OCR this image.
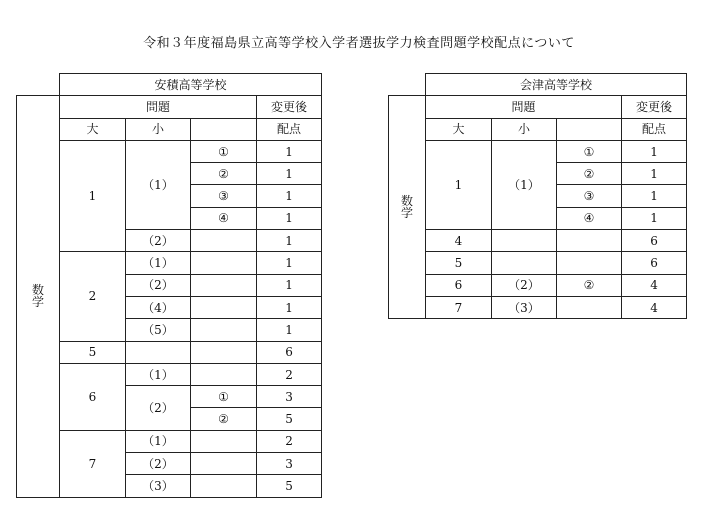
令和３年度福島県立高等学校入学者選抜学力検査問題学校配点について
	安積高等学校			

数
学	問題			変更後
	大	小		配点
	1	（1）	①	1
			②	1
			③	1
			④	1
		（2）		1
	2	（1）		1
		（2）		1
		（4）		1
		（5）		1
	5			6
	6	（1）		2
		（2）	①	3
			②	5
	7	（1）		2
		（2）		3
		（3）		5
	会津高等学校			

数
学	問題			変更後
	大	小		配点
	1	（1）	①	1
			②	1
			③	1
			④	1
	4			6
	5			6
	6	（2）	②	4
	7	（3）		4
